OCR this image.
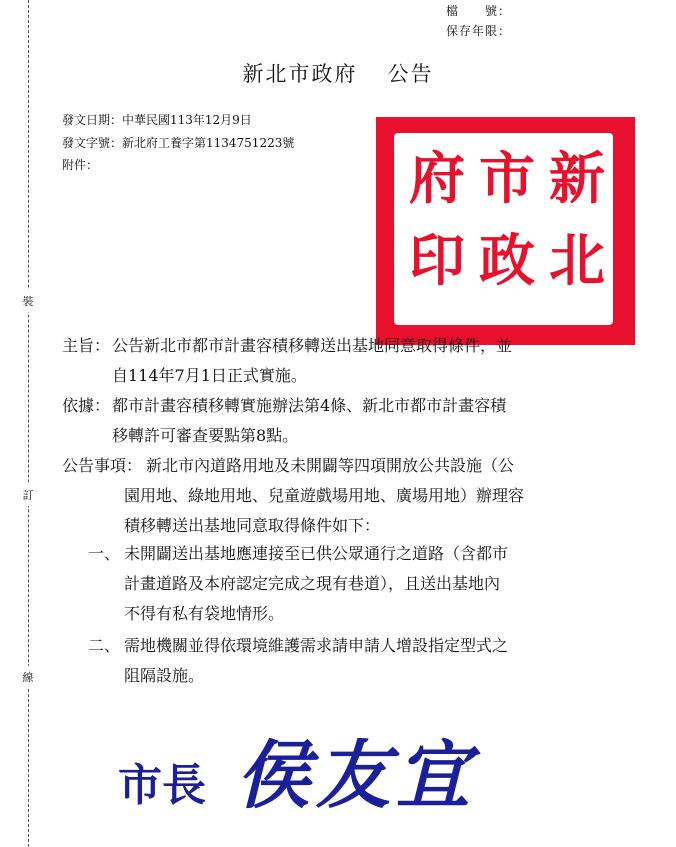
檔　　號：
保存年限：
新北市政府 公告
發文日期：中華民國113年12月9日
發文字號：新北府工養字第1134751223號
附件：
裝
訂
線
新
北
市
政
府
印
主旨： 公告新北市都市計畫容積移轉送出基地同意取得條件，並
自114年7月1日正式實施。
依據： 都市計畫容積移轉實施辦法第4條、新北市都市計畫容積
移轉許可審查要點第8點。
公告事項： 新北市內道路用地及未開闢等四項開放公共設施（公
園用地、綠地用地、兒童遊戲場用地、廣場用地）辦理容
積移轉送出基地同意取得條件如下：
一、 未開闢送出基地應連接至已供公眾通行之道路（含都市
計畫道路及本府認定完成之現有巷道），且送出基地內
不得有私有袋地情形。
二、 需地機關並得依環境維護需求請申請人增設指定型式之
阻隔設施。
市長 侯友宜
